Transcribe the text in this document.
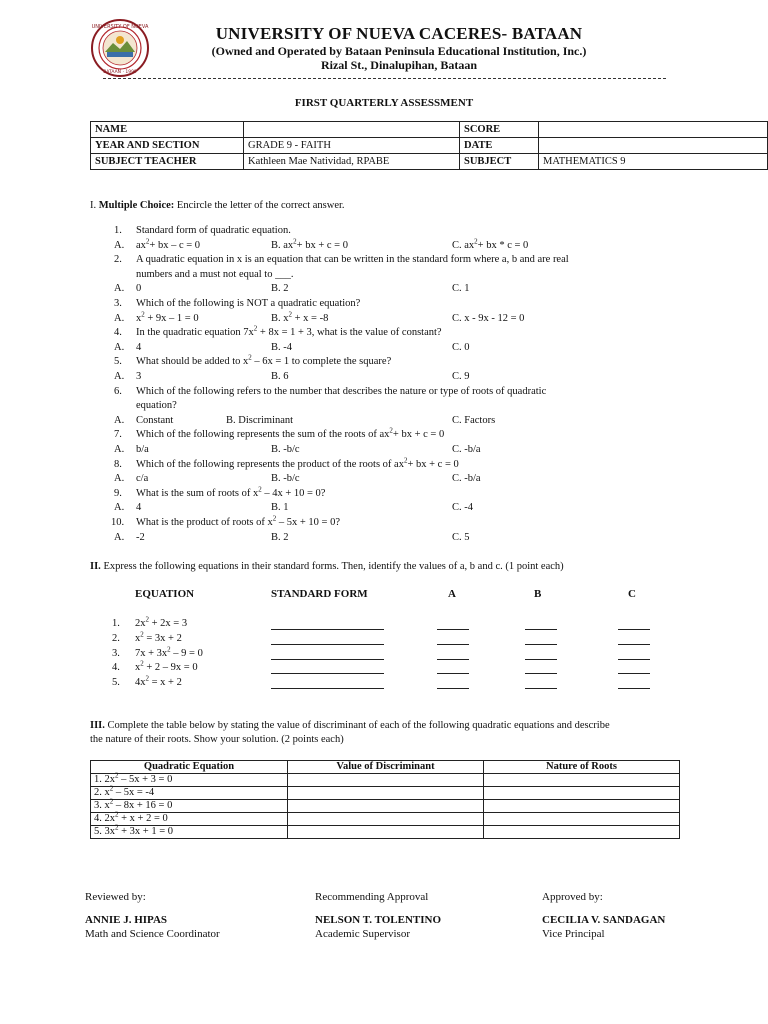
UNIVERSITY OF NUEVA
BATAAN · 1999
UNIVERSITY OF NUEVA CACERES- BATAAN
(Owned and Operated by Bataan Peninsula Educational Institution, Inc.)
Rizal St., Dinalupihan, Bataan
FIRST QUARTERLY ASSESSMENT
NAME		SCORE	
YEAR AND SECTION	GRADE 9 - FAITH	DATE	
SUBJECT TEACHER	Kathleen Mae Natividad, RPABE	SUBJECT	MATHEMATICS 9
I. Multiple Choice: Encircle the letter of the correct answer.
1. Standard form of quadratic equation.
A. $ax^2+$ bx – c = 0	B. $ax^2+$ bx + c = 0	C. $ax^2+$ bx * c = 0
2. A quadratic equation in x is an equation that can be written in the standard form where a, b and are real
numbers and a must not equal to ___.
A. 0	B. 2	C. 1
3. Which of the following is NOT a quadratic equation?
A. $x^2 + 9x - 1 = 0$	B. $x^2 + x = -8$	C. x - 9x - 12 = 0
4. In the quadratic equation $7x^2 + 8x = 1 + 3$, what is the value of constant?
A. 4	B. -4	C. 0
5. What should be added to $x^2 - 6x = 1$ to complete the square?
A. 3	B. 6	C. 9
6. Which of the following refers to the number that describes the nature or type of roots of quadratic
equation?
A. Constant	B. Discriminant	C. Factors
7. Which of the following represents the sum of the roots of $ax^2+$ bx + c = 0
A. b/a	B. -b/c	C. -b/a
8. Which of the following represents the product of the roots of $ax^2+$ bx + c = 0
A. c/a	B. -b/c	C. -b/a
9. What is the sum of roots of $x^2 - 4x + 10 = 0$?
A. 4	B. 1	C. -4
10. What is the product of roots of $x^2 - 5x + 10 = 0$?
A. -2	B. 2	C. 5
II. Express the following equations in their standard forms. Then, identify the values of a, b and c. (1 point each)
EQUATION	STANDARD FORM	A	B	C
1. $2x^2 + 2x = 3$
2. $x^2 = 3x + 2$
3. $7x + 3x^2 - 9 = 0$
4. $x^2 + 2 - 9x = 0$
5. $4x^2 = x + 2$
III. Complete the table below by stating the value of discriminant of each of the following quadratic equations and describe
the nature of their roots. Show your solution. (2 points each)
Quadratic Equation	Value of Discriminant	Nature of Roots
1. $2x^2 - 5x + 3 = 0$		
2. $x^2 - 5x = -4$		
3. $x^2 - 8x + 16 = 0$		
4. $2x^2 + x + 2 = 0$		
5. $3x^2 + 3x + 1 = 0$		
Reviewed by:
ANNIE J. HIPAS
Math and Science Coordinator
Recommending Approval
NELSON T. TOLENTINO
Academic Supervisor
Approved by:
CECILIA V. SANDAGAN
Vice Principal
